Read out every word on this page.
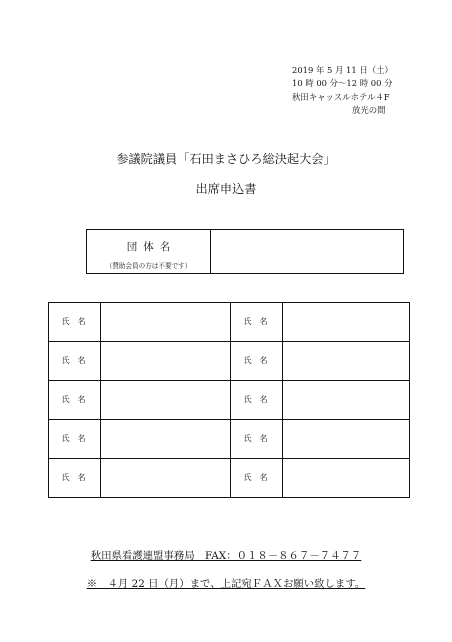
2019 年 5 月 11 日（土）
10 時 00 分～12 時 00 分
秋田キャッスルホテル４F
放光の間
参議院議員「石田まさひろ総決起大会」
出席申込書
団体名
（賛助会員の方は不要です）
氏名	氏名
氏名	氏名
氏名	氏名
氏名	氏名
氏名	氏名
秋田県看護連盟事務局　FAX：０１８－８６７－７４７７
※　４月 22 日（月）まで、上記宛ＦＡＸお願い致します。
